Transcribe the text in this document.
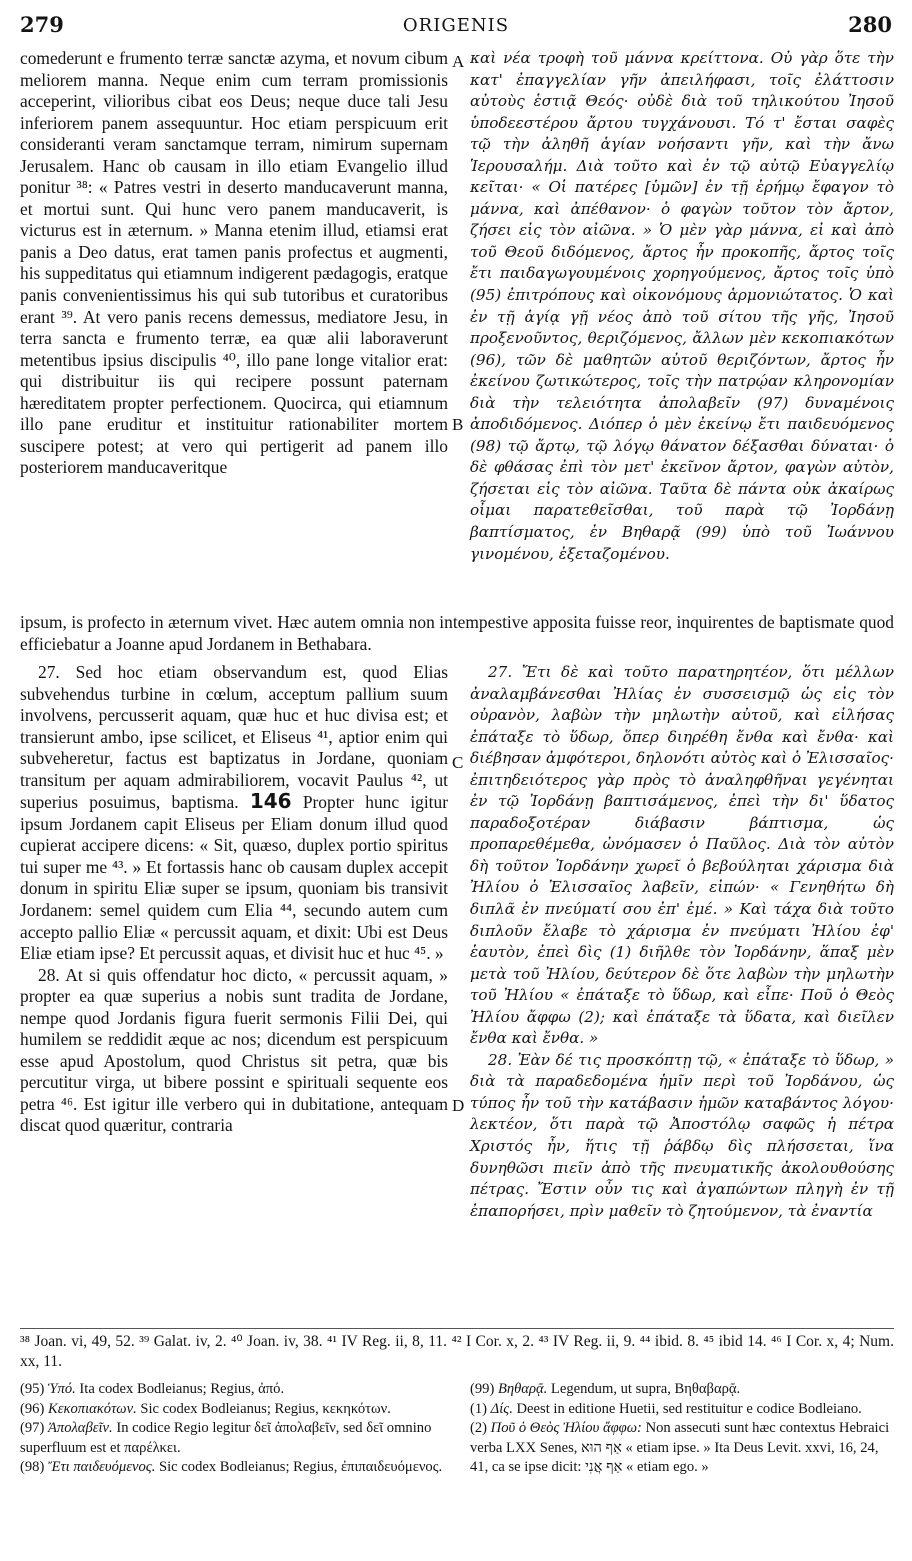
279	ORIGENIS	280

comederunt e frumento terræ sanctæ azyma, et novum cibum meliorem manna. Neque enim cum terram promissionis acceperint, vilioribus cibat eos Deus; neque duce tali Jesu inferiorem panem assequuntur. Hoc etiam perspicuum erit consideranti veram sanctamque terram, nimirum supernam Jerusalem. Hanc ob causam in illo etiam Evangelio illud ponitur ³⁸: « Patres vestri in deserto manducaverunt manna, et mortui sunt. Qui hunc vero panem manducaverit, is victurus est in æternum. » Manna etenim illud, etiamsi erat panis a Deo datus, erat tamen panis profectus et augmenti, his suppeditatus qui etiamnum indigerent pædagogis, eratque panis convenientissimus his qui sub tutoribus et curatoribus erant ³⁹. At vero panis recens demessus, mediatore Jesu, in terra sancta e frumento terræ, ea quæ alii laboraverunt metentibus ipsius discipulis ⁴⁰, illo pane longe vitalior erat: qui distribuitur iis qui recipere possunt paternam hæreditatem propter perfectionem. Quocirca, qui etiamnum illo pane eruditur et instituitur rationabiliter mortem suscipere potest; at vero qui pertigerit ad panem illo posteriorem manducaveritque

καὶ νέα τροφὴ τοῦ μάννα κρείττονα. Οὐ γὰρ ὅτε τὴν κατ' ἐπαγγελίαν γῆν ἀπειλήφασι, τοῖς ἐλάττοσιν αὐτοὺς ἑστιᾷ Θεός· οὐδὲ διὰ τοῦ τηλικούτου Ἰησοῦ ὑποδεεστέρου ἄρτου τυγχάνουσι. Τό τ' ἔσται σαφὲς τῷ τὴν ἀληθῆ ἁγίαν νοήσαντι γῆν, καὶ τὴν ἄνω Ἱερουσαλήμ. Διὰ τοῦτο καὶ ἐν τῷ αὐτῷ Εὐαγγελίῳ κεῖται· « Οἱ πατέρες [ὑμῶν] ἐν τῇ ἐρήμῳ ἔφαγον τὸ μάννα, καὶ ἀπέθανον· ὁ φαγὼν τοῦτον τὸν ἄρτον, ζήσει εἰς τὸν αἰῶνα. » Ὁ μὲν γὰρ μάννα, εἰ καὶ ἀπὸ τοῦ Θεοῦ διδόμενος, ἄρτος ἦν προκοπῆς, ἄρτος τοῖς ἔτι παιδαγωγουμένοις χορηγούμενος, ἄρτος τοῖς ὑπὸ (95) ἐπιτρόπους καὶ οἰκονόμους ἁρμονιώτατος. Ὁ καὶ ἐν τῇ ἁγίᾳ γῇ νέος ἀπὸ τοῦ σίτου τῆς γῆς, Ἰησοῦ προξενοῦντος, θεριζόμενος, ἄλλων μὲν κεκοπιακότων (96), τῶν δὲ μαθητῶν αὐτοῦ θεριζόντων, ἄρτος ἦν ἐκείνου ζωτικώτερος, τοῖς τὴν πατρῴαν κληρονομίαν διὰ τὴν τελειότητα ἀπολαβεῖν (97) δυναμένοις ἀποδιδόμενος. Διόπερ ὁ μὲν ἐκείνῳ ἔτι παιδευόμενος (98) τῷ ἄρτῳ, τῷ λόγῳ θάνατον δέξασθαι δύναται· ὁ δὲ φθάσας ἐπὶ τὸν μετ' ἐκεῖνον ἄρτον, φαγὼν αὐτὸν, ζήσεται εἰς τὸν αἰῶνα. Ταῦτα δὲ πάντα οὐκ ἀκαίρως οἶμαι παρατεθεῖσθαι, τοῦ παρὰ τῷ Ἰορδάνῃ βαπτίσματος, ἐν Βηθαρᾷ (99) ὑπὸ τοῦ Ἰωάννου γινομένου, ἐξεταζομένου.

A
B
C
D
ipsum, is profecto in æternum vivet. Hæc autem omnia non intempestive apposita fuisse reor, inquirentes de baptismate quod efficiebatur a Joanne apud Jordanem in Bethabara.

27. Sed hoc etiam observandum est, quod Elias subvehendus turbine in cœlum, acceptum pallium suum involvens, percusserit aquam, quæ huc et huc divisa est; et transierunt ambo, ipse scilicet, et Eliseus ⁴¹, aptior enim qui subveheretur, factus est baptizatus in Jordane, quoniam transitum per aquam admirabiliorem, vocavit Paulus ⁴², ut superius posuimus, baptisma. 146 Propter hunc igitur ipsum Jordanem capit Eliseus per Eliam donum illud quod cupierat accipere dicens: « Sit, quæso, duplex portio spiritus tui super me ⁴³. » Et fortassis hanc ob causam duplex accepit donum in spiritu Eliæ super se ipsum, quoniam bis transivit Jordanem: semel quidem cum Elia ⁴⁴, secundo autem cum accepto pallio Eliæ « percussit aquam, et dixit: Ubi est Deus Eliæ etiam ipse? Et percussit aquas, et divisit huc et huc ⁴⁵. »

28. At si quis offendatur hoc dicto, « percussit aquam, » propter ea quæ superius a nobis sunt tradita de Jordane, nempe quod Jordanis figura fuerit sermonis Filii Dei, qui humilem se reddidit æque ac nos; dicendum est perspicuum esse apud Apostolum, quod Christus sit petra, quæ bis percutitur virga, ut bibere possint e spirituali sequente eos petra ⁴⁶. Est igitur ille verbero qui in dubitatione, antequam discat quod quæritur, contraria

27. Ἔτι δὲ καὶ τοῦτο παρατηρητέον, ὅτι μέλλων ἀναλαμβάνεσθαι Ἠλίας ἐν συσσεισμῷ ὡς εἰς τὸν οὐρανὸν, λαβὼν τὴν μηλωτὴν αὐτοῦ, καὶ εἰλήσας ἐπάταξε τὸ ὕδωρ, ὅπερ διηρέθη ἔνθα καὶ ἔνθα· καὶ διέβησαν ἀμφότεροι, δηλονότι αὐτὸς καὶ ὁ Ἐλισσαῖος· ἐπιτηδειότερος γὰρ πρὸς τὸ ἀναληφθῆναι γεγένηται ἐν τῷ Ἰορδάνῃ βαπτισάμενος, ἐπεὶ τὴν δι' ὕδατος παραδοξοτέραν διάβασιν βάπτισμα, ὡς προπαρεθέμεθα, ὠνόμασεν ὁ Παῦλος. Διὰ τὸν αὐτὸν δὴ τοῦτον Ἰορδάνην χωρεῖ ὁ βεβούληται χάρισμα διὰ Ἠλίου ὁ Ἐλισσαῖος λαβεῖν, εἰπών· « Γενηθήτω δὴ διπλᾶ ἐν πνεύματί σου ἐπ' ἐμέ. » Καὶ τάχα διὰ τοῦτο διπλοῦν ἔλαβε τὸ χάρισμα ἐν πνεύματι Ἠλίου ἐφ' ἑαυτὸν, ἐπεὶ δὶς (1) διῆλθε τὸν Ἰορδάνην, ἅπαξ μὲν μετὰ τοῦ Ἠλίου, δεύτερον δὲ ὅτε λαβὼν τὴν μηλωτὴν τοῦ Ἠλίου « ἐπάταξε τὸ ὕδωρ, καὶ εἶπε· Ποῦ ὁ Θεὸς Ἠλίου ἄφφω (2); καὶ ἐπάταξε τὰ ὕδατα, καὶ διεῖλεν ἔνθα καὶ ἔνθα. »

28. Ἐὰν δέ τις προσκόπτῃ τῷ, « ἐπάταξε τὸ ὕδωρ, » διὰ τὰ παραδεδομένα ἡμῖν περὶ τοῦ Ἰορδάνου, ὡς τύπος ἦν τοῦ τὴν κατάβασιν ἡμῶν καταβάντος λόγου· λεκτέον, ὅτι παρὰ τῷ Ἀποστόλῳ σαφῶς ἡ πέτρα Χριστός ἦν, ἥτις τῇ ῥάβδῳ δὶς πλήσσεται, ἵνα δυνηθῶσι πιεῖν ἀπὸ τῆς πνευματικῆς ἀκολουθούσης πέτρας. Ἔστιν οὖν τις καὶ ἀγαπώντων πληγὴ ἐν τῇ ἐπαπορήσει, πρὶν μαθεῖν τὸ ζητούμενον, τὰ ἐναντία

³⁸ Joan. vi, 49, 52. ³⁹ Galat. iv, 2. ⁴⁰ Joan. iv, 38. ⁴¹ IV Reg. ii, 8, 11. ⁴² I Cor. x, 2. ⁴³ IV Reg. ii, 9. ⁴⁴ ibid. 8. ⁴⁵ ibid 14. ⁴⁶ I Cor. x, 4; Num. xx, 11.

(95) Ὑπό. Ita codex Bodleianus; Regius, ἀπό.

(96) Κεκοπιακότων. Sic codex Bodleianus; Regius, κεκηκότων.

(97) Ἀπολαβεῖν. In codice Regio legitur δεῖ ἀπολαβεῖν, sed δεῖ omnino superfluum est et παρέλκει.

(98) Ἔτι παιδευόμενος. Sic codex Bodleianus; Regius, ἐπιπαιδευόμενος.

(99) Βηθαρᾷ. Legendum, ut supra, Βηθαβαρᾷ.

(1) Δίς. Deest in editione Huetii, sed restituitur e codice Bodleiano.

(2) Ποῦ ὁ Θεὸς Ἠλίου ἄφφω: Non assecuti sunt hæc contextus Hebraici verba LXX Senes, אַף הוּא « etiam ipse. » Ita Deus Levit. xxvi, 16, 24, 41, ca se ipse dicit: אַף אֲנִי « etiam ego. »
